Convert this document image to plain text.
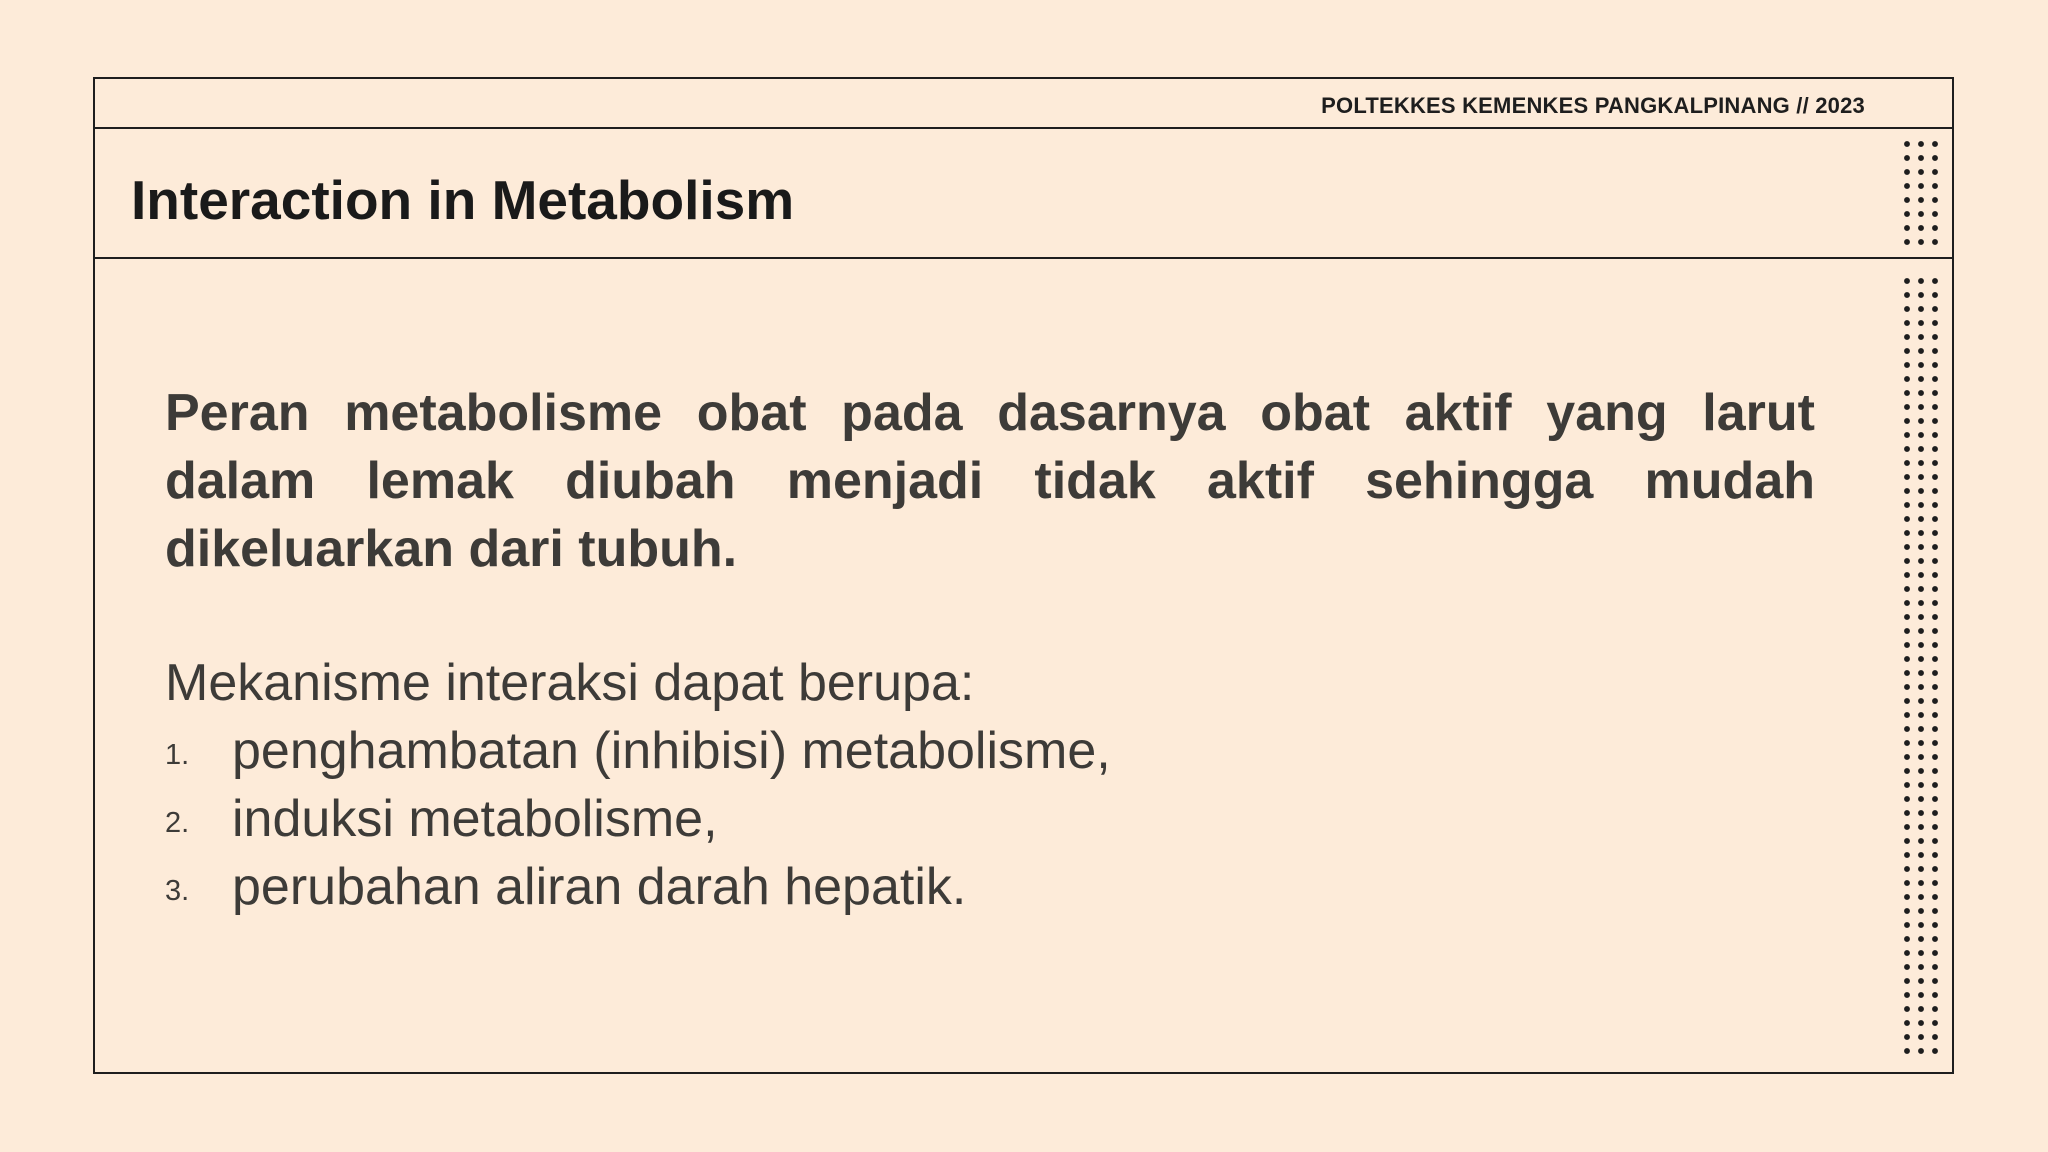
POLTEKKES KEMENKES PANGKALPINANG // 2023
Interaction in Metabolism

Peran metabolisme obat pada dasarnya obat aktif yang larut dalam lemak diubah menjadi tidak aktif sehingga mudah dikeluarkan dari tubuh.

Mekanisme interaksi dapat berupa:

1. penghambatan (inhibisi) metabolisme,
2. induksi metabolisme,
3. perubahan aliran darah hepatik.
